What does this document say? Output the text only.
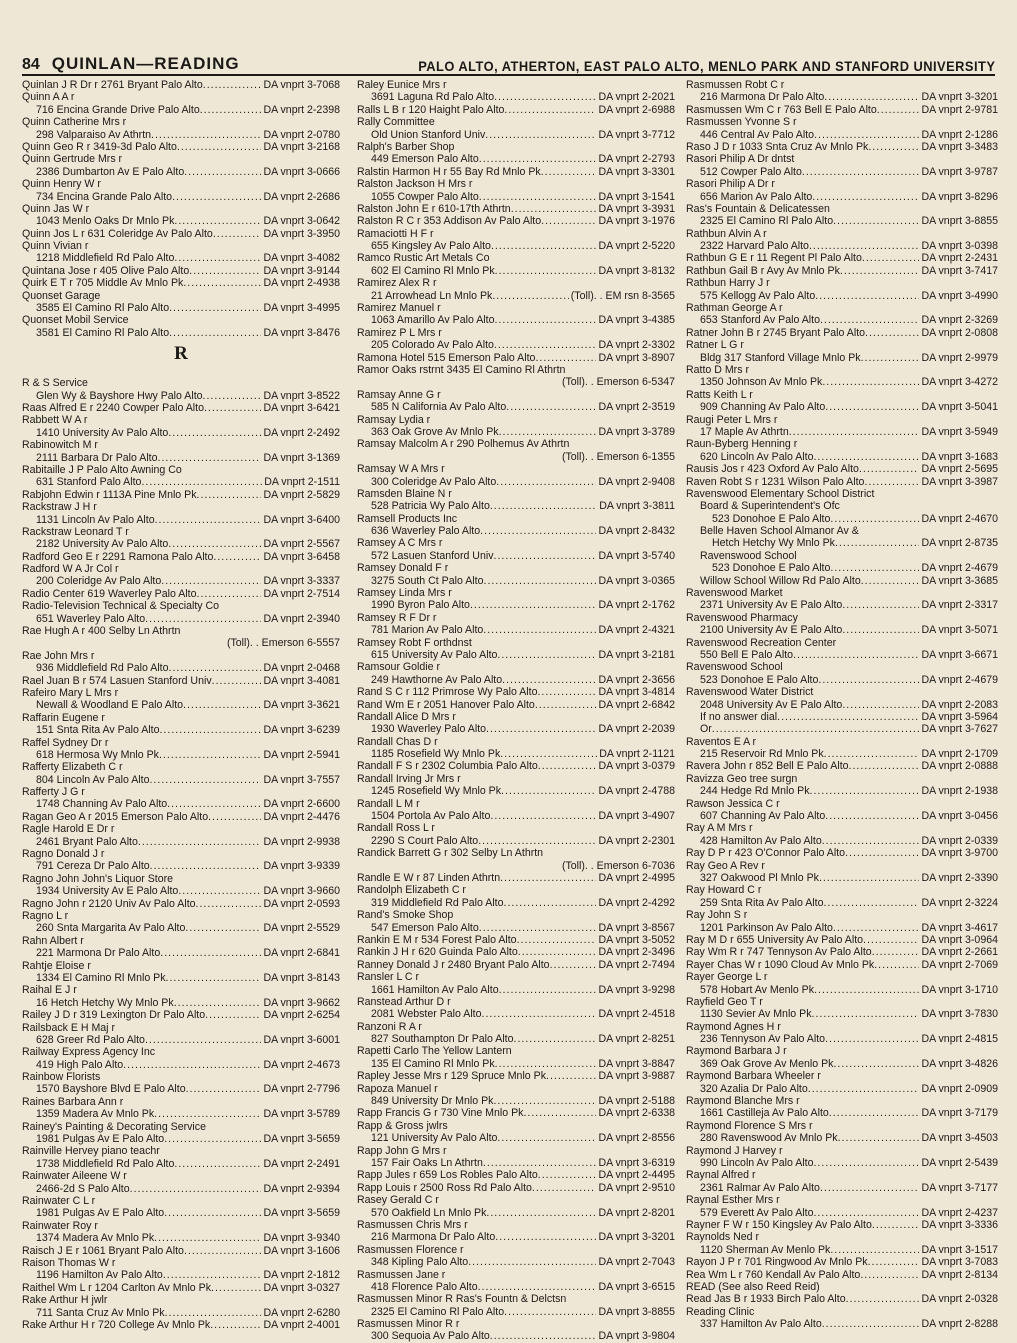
84 QUINLAN—READING	PALO ALTO, ATHERTON, EAST PALO ALTO, MENLO PARK AND STANFORD UNIVERSITY
Quinlan J R Dr r 2761 Bryant Palo Alto .....	DA vnprt 3-7068
Quinn A A r
716 Encina Grande Drive Palo Alto .....	DA vnprt 2-2398
Quinn Catherine Mrs r
298 Valparaiso Av Athrtn .....	DA vnprt 2-0780
Quinn Geo R r 3419-3d Palo Alto .....	DA vnprt 3-2168
Quinn Gertrude Mrs r
2386 Dumbarton Av E Palo Alto .....	DA vnprt 3-0666
Quinn Henry W r
734 Encina Grande Palo Alto .....	DA vnprt 2-2686
Quinn Jas W r
1043 Menlo Oaks Dr Mnlo Pk .....	DA vnprt 3-0642
Quinn Jos L r 631 Coleridge Av Palo Alto .....	DA vnprt 3-3950
Quinn Vivian r
1218 Middlefield Rd Palo Alto .....	DA vnprt 3-4082
Quintana Jose r 405 Olive Palo Alto .....	DA vnprt 3-9144
Quirk E T r 705 Middle Av Mnlo Pk .....	DA vnprt 2-4938
Quonset Garage
3585 El Camino Rl Palo Alto .....	DA vnprt 3-4995
Quonset Mobil Service
3581 El Camino Rl Palo Alto .....	DA vnprt 3-8476
R
R & S Service
Glen Wy & Bayshore Hwy Palo Alto .....	DA vnprt 3-8522
Raas Alfred E r 2240 Cowper Palo Alto .....	DA vnprt 3-6421
Rabbett W A r
1410 University Av Palo Alto .....	DA vnprt 2-2492
Rabinowitch M r
2111 Barbara Dr Palo Alto .....	DA vnprt 3-1369
Rabitaille J P Palo Alto Awning Co
631 Stanford Palo Alto .....	DA vnprt 2-1511
Rabjohn Edwin r 1113A Pine Mnlo Pk .....	DA vnprt 2-5829
Rackstraw J H r
1131 Lincoln Av Palo Alto .....	DA vnprt 3-6400
Rackstraw Leonard T r
2182 University Av Palo Alto .....	DA vnprt 2-5567
Radford Geo E r 2291 Ramona Palo Alto .....	DA vnprt 3-6458
Radford W A Jr Col r
200 Coleridge Av Palo Alto .....	DA vnprt 3-3337
Radio Center 619 Waverley Palo Alto .....	DA vnprt 2-7514
Radio-Television Technical & Specialty Co
651 Waverley Palo Alto .....	DA vnprt 2-3940
Rae Hugh A r 400 Selby Ln Athrtn
(Toll). . Emerson 6-5557
Rae John Mrs r
936 Middlefield Rd Palo Alto .....	DA vnprt 2-0468
Rael Juan B r 574 Lasuen Stanford Univ .....	DA vnprt 3-4081
Rafeiro Mary L Mrs r
Newall & Woodland E Palo Alto .....	DA vnprt 3-3621
Raffarin Eugene r
151 Snta Rita Av Palo Alto .....	DA vnprt 3-6239
Raffel Sydney Dr r
618 Hermosa Wy Mnlo Pk .....	DA vnprt 2-5941
Rafferty Elizabeth C r
804 Lincoln Av Palo Alto .....	DA vnprt 3-7557
Rafferty J G r
1748 Channing Av Palo Alto .....	DA vnprt 2-6600
Ragan Geo A r 2015 Emerson Palo Alto .....	DA vnprt 2-4476
Ragle Harold E Dr r
2461 Bryant Palo Alto .....	DA vnprt 2-9938
Ragno Donald J r
791 Cereza Dr Palo Alto .....	DA vnprt 3-9339
Ragno John John's Liquor Store
1934 University Av E Palo Alto .....	DA vnprt 3-9660
Ragno John r 2120 Univ Av Palo Alto .....	DA vnprt 2-0593
Ragno L r
260 Snta Margarita Av Palo Alto .....	DA vnprt 2-5529
Rahn Albert r
221 Marmona Dr Palo Alto .....	DA vnprt 2-6841
Rahtje Eloise r
1334 El Camino Rl Mnlo Pk .....	DA vnprt 3-8143
Raihal E J r
16 Hetch Hetchy Wy Mnlo Pk .....	DA vnprt 3-9662
Railey J D r 319 Lexington Dr Palo Alto .....	DA vnprt 2-6254
Railsback E H Maj r
628 Greer Rd Palo Alto .....	DA vnprt 3-6001
Railway Express Agency Inc
419 High Palo Alto .....	DA vnprt 2-4673
Rainbow Florists
1570 Bayshore Blvd E Palo Alto .....	DA vnprt 2-7796
Raines Barbara Ann r
1359 Madera Av Mnlo Pk .....	DA vnprt 3-5789
Rainey's Painting & Decorating Service
1981 Pulgas Av E Palo Alto .....	DA vnprt 3-5659
Rainville Hervey piano teachr
1738 Middlefield Rd Palo Alto .....	DA vnprt 2-2491
Rainwater Aileene W r
2466-2d S Palo Alto .....	DA vnprt 2-9394
Rainwater C L r
1981 Pulgas Av E Palo Alto .....	DA vnprt 3-5659
Rainwater Roy r
1374 Madera Av Mnlo Pk .....	DA vnprt 3-9340
Raisch J E r 1061 Bryant Palo Alto .....	DA vnprt 3-1606
Raison Thomas W r
1196 Hamilton Av Palo Alto .....	DA vnprt 2-1812
Raithel Wm L r 1204 Carlton Av Mnlo Pk .....	DA vnprt 3-0327
Rake Arthur H jwlr
711 Santa Cruz Av Mnlo Pk .....	DA vnprt 2-6280
Rake Arthur H r 720 College Av Mnlo Pk .....	DA vnprt 2-4001
Raley Eunice Mrs r
3691 Laguna Rd Palo Alto .....	DA vnprt 2-2021
Ralls L B r 120 Haight Palo Alto .....	DA vnprt 2-6988
Rally Committee
Old Union Stanford Univ .....	DA vnprt 3-7712
Ralph's Barber Shop
449 Emerson Palo Alto .....	DA vnprt 2-2793
Ralstin Harmon H r 55 Bay Rd Mnlo Pk .....	DA vnprt 3-3301
Ralston Jackson H Mrs r
1055 Cowper Palo Alto .....	DA vnprt 3-1541
Ralston John E r 610-17th Athrtn .....	DA vnprt 3-3931
Ralston R C r 353 Addison Av Palo Alto .....	DA vnprt 3-1976
Ramaciotti H F r
655 Kingsley Av Palo Alto .....	DA vnprt 2-5220
Ramco Rustic Art Metals Co
602 El Camino Rl Mnlo Pk .....	DA vnprt 3-8132
Ramirez Alex R r
21 Arrowhead Ln Mnlo Pk .....	(Toll). . EM rsn 8-3565
Ramirez Manuel r
1063 Amarillo Av Palo Alto .....	DA vnprt 3-4385
Ramirez P L Mrs r
205 Colorado Av Palo Alto .....	DA vnprt 2-3302
Ramona Hotel 515 Emerson Palo Alto .....	DA vnprt 3-8907
Ramor Oaks rstrnt 3435 El Camino Rl Athrtn
(Toll). . Emerson 6-5347
Ramsay Anne G r
585 N California Av Palo Alto .....	DA vnprt 2-3519
Ramsay Lydia r
363 Oak Grove Av Mnlo Pk .....	DA vnprt 3-3789
Ramsay Malcolm A r 290 Polhemus Av Athrtn
(Toll). . Emerson 6-1355
Ramsay W A Mrs r
300 Coleridge Av Palo Alto .....	DA vnprt 2-9408
Ramsden Blaine N r
528 Patricia Wy Palo Alto .....	DA vnprt 3-3811
Ramsell Products Inc
636 Waverley Palo Alto .....	DA vnprt 2-8432
Ramsey A C Mrs r
572 Lasuen Stanford Univ .....	DA vnprt 3-5740
Ramsey Donald F r
3275 South Ct Palo Alto .....	DA vnprt 3-0365
Ramsey Linda Mrs r
1990 Byron Palo Alto .....	DA vnprt 2-1762
Ramsey R F Dr r
781 Marion Av Palo Alto .....	DA vnprt 2-4321
Ramsey Robt F orthdnst
615 University Av Palo Alto .....	DA vnprt 3-2181
Ramsour Goldie r
249 Hawthorne Av Palo Alto .....	DA vnprt 2-3656
Rand S C r 112 Primrose Wy Palo Alto .....	DA vnprt 3-4814
Rand Wm E r 2051 Hanover Palo Alto .....	DA vnprt 2-6842
Randall Alice D Mrs r
1930 Waverley Palo Alto .....	DA vnprt 2-2039
Randall Chas D r
1185 Rosefield Wy Mnlo Pk .....	DA vnprt 2-1121
Randall F S r 2302 Columbia Palo Alto .....	DA vnprt 3-0379
Randall Irving Jr Mrs r
1245 Rosefield Wy Mnlo Pk .....	DA vnprt 2-4788
Randall L M r
1504 Portola Av Palo Alto .....	DA vnprt 3-4907
Randall Ross L r
2290 S Court Palo Alto .....	DA vnprt 2-2301
Randick Barrett G r 302 Selby Ln Athrtn
(Toll). . Emerson 6-7036
Randle E W r 87 Linden Athrtn .....	DA vnprt 2-4995
Randolph Elizabeth C r
319 Middlefield Rd Palo Alto .....	DA vnprt 2-4292
Rand's Smoke Shop
547 Emerson Palo Alto .....	DA vnprt 3-8567
Rankin E M r 534 Forest Palo Alto .....	DA vnprt 3-5052
Rankin J H r 620 Guinda Palo Alto .....	DA vnprt 2-3496
Ranney Donald J r 2480 Bryant Palo Alto .....	DA vnprt 2-7494
Ransler L C r
1661 Hamilton Av Palo Alto .....	DA vnprt 3-9298
Ranstead Arthur D r
2081 Webster Palo Alto .....	DA vnprt 2-4518
Ranzoni R A r
827 Southampton Dr Palo Alto .....	DA vnprt 2-8251
Rapetti Carlo The Yellow Lantern
135 El Camino Rl Mnlo Pk .....	DA vnprt 3-8847
Rapley Jesse Mrs r 129 Spruce Mnlo Pk .....	DA vnprt 3-9887
Rapoza Manuel r
849 University Dr Mnlo Pk .....	DA vnprt 2-5188
Rapp Francis G r 730 Vine Mnlo Pk .....	DA vnprt 2-6338
Rapp & Gross jwlrs
121 University Av Palo Alto .....	DA vnprt 2-8556
Rapp John G Mrs r
157 Fair Oaks Ln Athrtn .....	DA vnprt 3-6319
Rapp Jules r 659 Los Robles Palo Alto .....	DA vnprt 2-4495
Rapp Louis r 2500 Ross Rd Palo Alto .....	DA vnprt 2-9510
Rasey Gerald C r
570 Oakfield Ln Mnlo Pk .....	DA vnprt 2-8201
Rasmussen Chris Mrs r
216 Marmona Dr Palo Alto .....	DA vnprt 3-3201
Rasmussen Florence r
348 Kipling Palo Alto .....	DA vnprt 2-7043
Rasmussen Jane r
418 Florence Palo Alto .....	DA vnprt 3-6515
Rasmussen Minor R Ras's Fountn & Delctsn
2325 El Camino Rl Palo Alto .....	DA vnprt 3-8855
Rasmussen Minor R r
300 Sequoia Av Palo Alto .....	DA vnprt 3-9804
Rasmussen Robt C r
216 Marmona Dr Palo Alto .....	DA vnprt 3-3201
Rasmussen Wm C r 763 Bell E Palo Alto .....	DA vnprt 2-9781
Rasmussen Yvonne S r
446 Central Av Palo Alto .....	DA vnprt 2-1286
Raso J D r 1033 Snta Cruz Av Mnlo Pk .....	DA vnprt 3-3483
Rasori Philip A Dr dntst
512 Cowper Palo Alto .....	DA vnprt 3-9787
Rasori Philip A Dr r
656 Marion Av Palo Alto .....	DA vnprt 3-8296
Ras's Fountain & Delicatessen
2325 El Camino Rl Palo Alto .....	DA vnprt 3-8855
Rathbun Alvin A r
2322 Harvard Palo Alto .....	DA vnprt 3-0398
Rathbun G E r 11 Regent Pl Palo Alto .....	DA vnprt 2-2431
Rathbun Gail B r Avy Av Mnlo Pk .....	DA vnprt 3-7417
Rathbun Harry J r
575 Kellogg Av Palo Alto .....	DA vnprt 3-4990
Rathman George A r
653 Stanford Av Palo Alto .....	DA vnprt 2-3269
Ratner John B r 2745 Bryant Palo Alto .....	DA vnprt 2-0808
Ratner L G r
Bldg 317 Stanford Village Mnlo Pk .....	DA vnprt 2-9979
Ratto D Mrs r
1350 Johnson Av Mnlo Pk .....	DA vnprt 3-4272
Ratts Keith L r
909 Channing Av Palo Alto .....	DA vnprt 3-5041
Raugi Peter L Mrs r
17 Maple Av Athrtn .....	DA vnprt 3-5949
Raun-Byberg Henning r
620 Lincoln Av Palo Alto .....	DA vnprt 3-1683
Rausis Jos r 423 Oxford Av Palo Alto .....	DA vnprt 2-5695
Raven Robt S r 1231 Wilson Palo Alto .....	DA vnprt 3-3987
Ravenswood Elementary School District
Board & Superintendent's Ofc
523 Donohoe E Palo Alto .....	DA vnprt 2-4670
Belle Haven School Almanor Av &
Hetch Hetchy Wy Mnlo Pk .....	DA vnprt 2-8735
Ravenswood School
523 Donohoe E Palo Alto .....	DA vnprt 2-4679
Willow School Willow Rd Palo Alto .....	DA vnprt 3-3685
Ravenswood Market
2371 University Av E Palo Alto .....	DA vnprt 2-3317
Ravenswood Pharmacy
2100 University Av E Palo Alto .....	DA vnprt 3-5071
Ravenswood Recreation Center
550 Bell E Palo Alto .....	DA vnprt 3-6671
Ravenswood School
523 Donohoe E Palo Alto .....	DA vnprt 2-4679
Ravenswood Water District
2048 University Av E Palo Alto .....	DA vnprt 2-2083
If no answer dial .....	DA vnprt 3-5964
Or .....	DA vnprt 3-7627
Raventos E A r
215 Reservoir Rd Mnlo Pk .....	DA vnprt 2-1709
Ravera John r 852 Bell E Palo Alto .....	DA vnprt 2-0888
Ravizza Geo tree surgn
244 Hedge Rd Mnlo Pk .....	DA vnprt 2-1938
Rawson Jessica C r
607 Channing Av Palo Alto .....	DA vnprt 3-0456
Ray A M Mrs r
428 Hamilton Av Palo Alto .....	DA vnprt 2-0339
Ray D P r 423 O'Connor Palo Alto .....	DA vnprt 3-9700
Ray Geo A Rev r
327 Oakwood Pl Mnlo Pk .....	DA vnprt 2-3390
Ray Howard C r
259 Snta Rita Av Palo Alto .....	DA vnprt 2-3224
Ray John S r
1201 Parkinson Av Palo Alto .....	DA vnprt 3-4617
Ray M D r 655 University Av Palo Alto .....	DA vnprt 3-0964
Ray Wm R r 747 Tennyson Av Palo Alto .....	DA vnprt 2-2661
Rayer Chas W r 1090 Cloud Av Mnlo Pk .....	DA vnprt 2-7069
Rayer George L r
578 Hobart Av Menlo Pk .....	DA vnprt 3-1710
Rayfield Geo T r
1130 Sevier Av Mnlo Pk .....	DA vnprt 3-7830
Raymond Agnes H r
236 Tennyson Av Palo Alto .....	DA vnprt 2-4815
Raymond Barbara J r
369 Oak Grove Av Menlo Pk .....	DA vnprt 3-4826
Raymond Barbara Wheeler r
320 Azalia Dr Palo Alto .....	DA vnprt 2-0909
Raymond Blanche Mrs r
1661 Castilleja Av Palo Alto .....	DA vnprt 3-7179
Raymond Florence S Mrs r
280 Ravenswood Av Mnlo Pk .....	DA vnprt 3-4503
Raymond J Harvey r
990 Lincoln Av Palo Alto .....	DA vnprt 2-5439
Raynal Alfred r
2361 Ralmar Av Palo Alto .....	DA vnprt 3-7177
Raynal Esther Mrs r
579 Everett Av Palo Alto .....	DA vnprt 2-4237
Rayner F W r 150 Kingsley Av Palo Alto .....	DA vnprt 3-3336
Raynolds Ned r
1120 Sherman Av Menlo Pk .....	DA vnprt 3-1517
Rayon J P r 701 Ringwood Av Mnlo Pk .....	DA vnprt 3-7083
Rea Wm L r 760 Kendall Av Palo Alto .....	DA vnprt 2-8134
READ (See also Reed Reid)
Read Jas B r 1933 Birch Palo Alto .....	DA vnprt 2-0328
Reading Clinic
337 Hamilton Av Palo Alto .....	DA vnprt 2-8288
